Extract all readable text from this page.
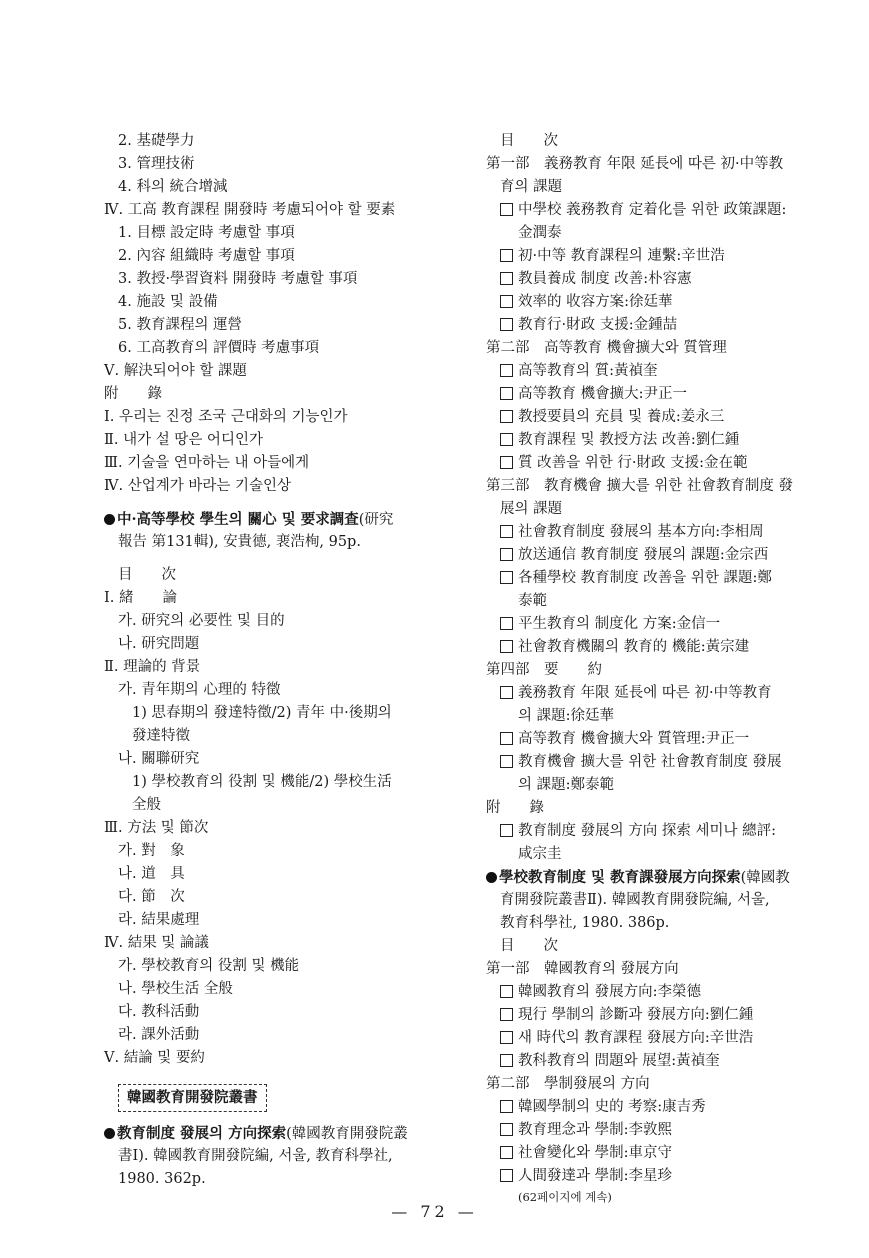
2. 基礎學力
3. 管理技術
4. 科의 統合增減
Ⅳ. 工高 教育課程 開發時 考慮되어야 할 要素
1. 目標 設定時 考慮할 事項
2. 內容 組織時 考慮할 事項
3. 教授·學習資料 開發時 考慮할 事項
4. 施設 및 設備
5. 教育課程의 運營
6. 工高教育의 評價時 考慮事項
Ⅴ. 解決되어야 할 課題
附　　錄
Ⅰ. 우리는 진정 조국 근대화의 기능인가
Ⅱ. 내가 설 땅은 어디인가
Ⅲ. 기술을 연마하는 내 아들에게
Ⅳ. 산업계가 바라는 기술인상
中·高等學校 學生의 關心 및 要求調査(研究
報告 第131輯), 安貴德, 裵浩栒, 95p.
目　　次
Ⅰ. 緒　　論
가. 研究의 必要性 및 目的
나. 研究問題
Ⅱ. 理論的 背景
가. 青年期의 心理的 特徵
1) 思春期의 發達特徵/2) 青年 中·後期의
發達特徵
나. 關聯研究
1) 學校教育의 役割 및 機能/2) 學校生活
全般
Ⅲ. 方法 및 節次
가. 對　象
나. 道　具
다. 節　次
라. 結果處理
Ⅳ. 結果 및 論議
가. 學校教育의 役割 및 機能
나. 學校生活 全般
다. 教科活動
라. 課外活動
Ⅴ. 結論 및 要約
韓國教育開發院叢書
教育制度 發展의 方向探索(韓國教育開發院叢
書Ⅰ). 韓國教育開發院編, 서울, 教育科學社,
1980. 362p.
目　　次
第一部　義務教育 年限 延長에 따른 初·中等教
育의 課題
中學校 義務教育 定着化를 위한 政策課題:
金潤泰
初·中等 教育課程의 連繫:辛世浩
教員養成 制度 改善:朴容憲
效率的 收容方案:徐廷華
教育行·財政 支援:金鍾喆
第二部　高等教育 機會擴大와 質管理
高等教育의 質:黃禎奎
高等教育 機會擴大:尹正一
教授要員의 充員 및 養成:姜永三
教育課程 및 教授方法 改善:劉仁鍾
質 改善을 위한 行·財政 支援:金在範
第三部　教育機會 擴大를 위한 社會教育制度 發
展의 課題
社會教育制度 發展의 基本方向:李相周
放送通信 教育制度 發展의 課題:金宗西
各種學校 教育制度 改善을 위한 課題:鄭
泰範
平生教育의 制度化 方案:金信一
社會教育機關의 教育的 機能:黃宗建
第四部　要　　約
義務教育 年限 延長에 따른 初·中等教育
의 課題:徐廷華
高等教育 機會擴大와 質管理:尹正一
教育機會 擴大를 위한 社會教育制度 發展
의 課題:鄭泰範
附　　錄
教育制度 發展의 方向 探索 세미나 總評:
咸宗圭
學校教育制度 및 教育課發展方向探索(韓國教
育開發院叢書Ⅱ). 韓國教育開發院編, 서울,
教育科學社, 1980. 386p.
目　　次
第一部　韓國教育의 發展方向
韓國教育의 發展方向:李榮德
現行 學制의 診斷과 發展方向:劉仁鍾
새 時代의 教育課程 發展方向:辛世浩
教科教育의 問題와 展望:黃禎奎
第二部　學制發展의 方向
韓國學制의 史的 考察:康吉秀
教育理念과 學制:李敦熙
社會變化와 學制:車京守
人間發達과 學制:李星珍
(62페이지에 계속)
— 72 —
